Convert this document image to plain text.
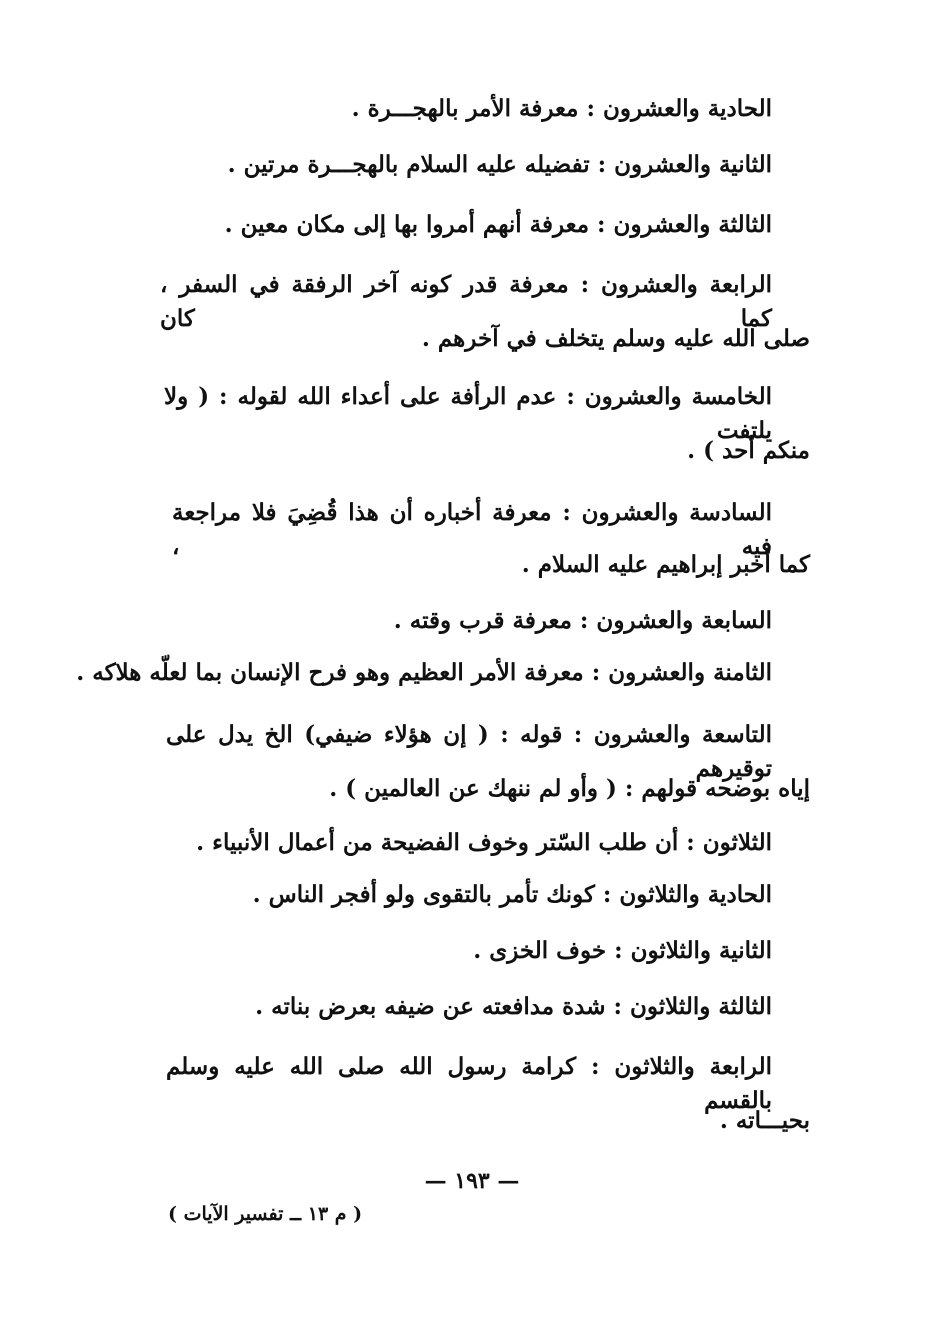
الحادية والعشرون : معرفة الأمر بالهجـــرة .
الثانية والعشرون : تفضيله عليه السلام بالهجـــرة مرتين .
الثالثة والعشرون : معرفة أنهم أمروا بها إلى مكان معين .
الرابعة والعشرون : معرفة قدر كونه آخر الرفقة في السفر ، كما كان
صلى الله عليه وسلم يتخلف في آخرهم .
الخامسة والعشرون : عدم الرأفة على أعداء الله لقوله : ( ولا يلتفت
منكم أحد ) .
السادسة والعشرون : معرفة أخباره أن هذا قُضِيَ فلا مراجعة فيه ،
كما أخبر إبراهيم عليه السلام .
السابعة والعشرون : معرفة قرب وقته .
الثامنة والعشرون : معرفة الأمر العظيم وهو فرح الإنسان بما لعلّه هلاكه .
التاسعة والعشرون : قوله : ( إن هؤلاء ضيفي) الخ يدل على توقيرهم
إياه بوضحه قولهم : ( وأو لم ننهك عن العالمين ) .
الثلاثون : أن طلب السّتر وخوف الفضيحة من أعمال الأنبياء .
الحادية والثلاثون : كونك تأمر بالتقوى ولو أفجر الناس .
الثانية والثلاثون : خوف الخزى .
الثالثة والثلاثون : شدة مدافعته عن ضيفه بعرض بناته .
الرابعة والثلاثون : كرامة رسول الله صلى الله عليه وسلم بالقسم
بحيـــاته .
— ١٩٣ —
( م ١٣ ــ تفسير الآيات )
